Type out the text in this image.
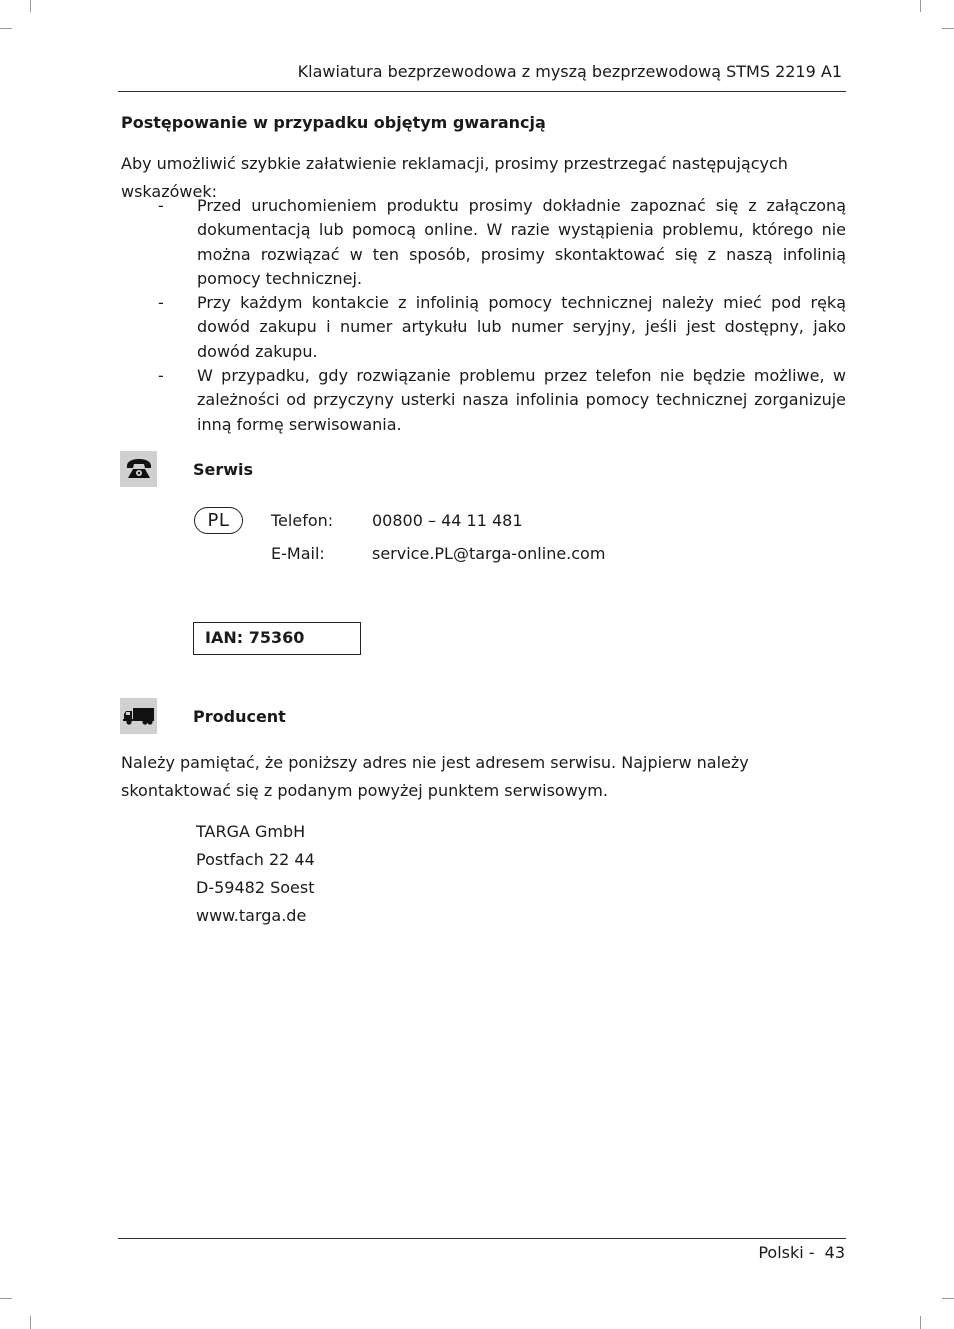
Klawiatura bezprzewodowa z myszą bezprzewodową STMS 2219 A1
Postępowanie w przypadku objętym gwarancją
Aby umożliwić szybkie załatwienie reklamacji, prosimy przestrzegać następujących wskazówek:
- Przed uruchomieniem produktu prosimy dokładnie zapoznać się z załączoną dokumentacją lub pomocą online. W razie wystąpienia problemu, którego nie można rozwiązać w ten sposób, prosimy skontaktować się z naszą infolinią pomocy technicznej.
- Przy każdym kontakcie z infolinią pomocy technicznej należy mieć pod ręką dowód zakupu i numer artykułu lub numer seryjny, jeśli jest dostępny, jako dowód zakupu.
- W przypadku, gdy rozwiązanie problemu przez telefon nie będzie możliwe, w zależności od przyczyny usterki nasza infolinia pomocy technicznej zorganizuje inną formę serwisowania.
Serwis
PL	Telefon: 00800 – 44 11 481
E-Mail:	service.PL@targa-online.com
IAN: 75360
Producent
Należy pamiętać, że poniższy adres nie jest adresem serwisu. Najpierw należy skontaktować się z podanym powyżej punktem serwisowym.
TARGA GmbH
Postfach 22 44
D-59482 Soest
www.targa.de
Polski - 43
